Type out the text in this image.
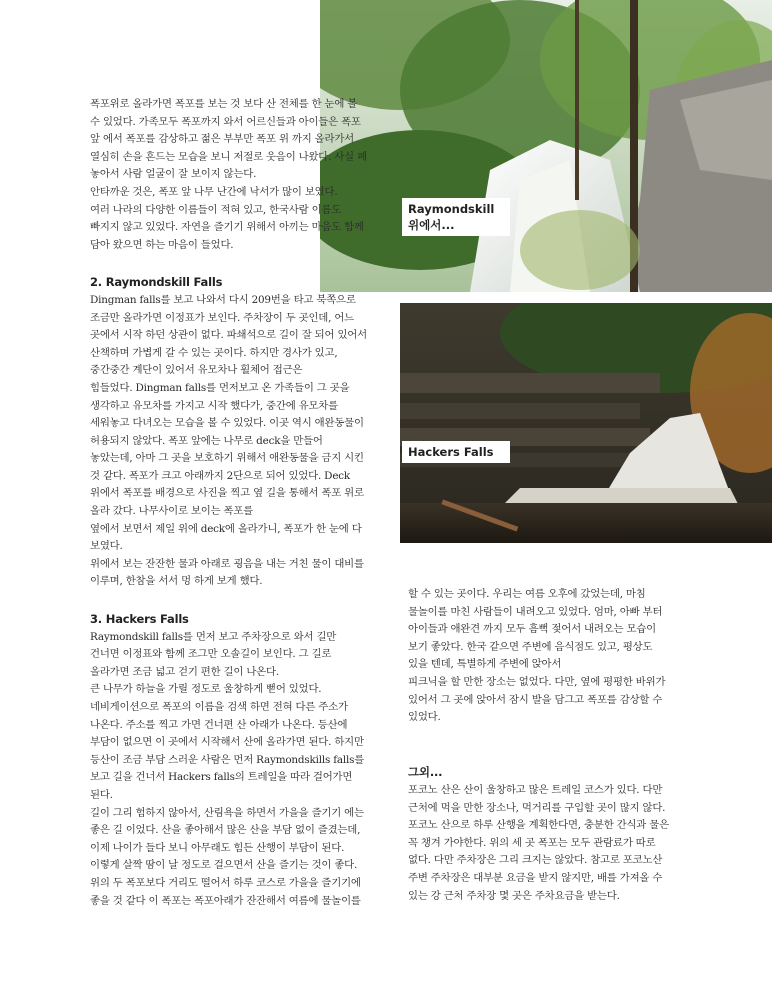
Raymondskill
위에서...
Hackers Falls

폭포위로 올라가면 폭포를 보는 것 보다 산 전체를 한 눈에 볼

수 있었다. 가족모두 폭포까지 와서 어르신들과 아이들은 폭포

앞 에서 폭포를 감상하고 젊은 부부만 폭포 위 까지 올라가서

열심히 손을 흔드는 모습을 보니 저절로 웃음이 나왔다. 사실 폐

놓아서 사람 얼굴이 잘 보이지 않는다.

안타까운 것은, 폭포 앞 나무 난간에 낙서가 많이 보였다.

여러 나라의 다양한 이름들이 적혀 있고, 한국사람 이름도

빠지지 않고 있었다. 자연을 즐기기 위해서 아끼는 마음도 함께

담아 왔으면 하는 마음이 들었다.

2. Raymondskill Falls

Dingman falls를 보고 나와서 다시 209번을 타고 북쪽으로

조금만 올라가면 이정표가 보인다. 주차장이 두 곳인데, 어느

곳에서 시작 하던 상관이 없다. 파쇄석으로 길이 잘 되어 있어서

산책하며 가볍게 갈 수 있는 곳이다. 하지만 경사가 있고,

중간중간 계단이 있어서 유모차나 휠체어 접근은

힘들었다. Dingman falls를 먼저보고 온 가족들이 그 곳을

생각하고 유모차를 가지고 시작 했다가, 중간에 유모차를

세워놓고 다녀오는 모습을 볼 수 있었다. 이곳 역시 애완동물이

허용되지 않았다. 폭포 앞에는 나무로 deck을 만들어

놓았는데, 아마 그 곳을 보호하기 위해서 애완동물을 금지 시킨

것 같다. 폭포가 크고 아래까지 2단으로 되어 있었다. Deck

위에서 폭포를 배경으로 사진을 찍고 옆 길을 통해서 폭포 위로

올라 갔다. 나무사이로 보이는 폭포를

옆에서 보면서 제일 위에 deck에 올라가니, 폭포가 한 눈에 다

보였다.

위에서 보는 잔잔한 물과 아래로 굉음을 내는 거친 물이 대비를

이루며, 한참을 서서 멍 하게 보게 했다.

3. Hackers Falls

Raymondskill falls를 먼저 보고 주차장으로 와서 길만

건너면 이정표와 함께 조그만 오솔길이 보인다. 그 길로

올라가면 조금 넓고 걷기 편한 길이 나온다.

큰 나무가 하늘을 가릴 정도로 울창하게 뻗어 있었다.

네비게이션으로 폭포의 이름을 검색 하면 전혀 다른 주소가

나온다. 주소를 찍고 가면 건너편 산 아래가 나온다. 등산에

부담이 없으면 이 곳에서 시작해서 산에 올라가면 된다. 하지만

등산이 조금 부담 스러운 사람은 먼저 Raymondskills falls를

보고 길을 건너서 Hackers falls의 트레일을 따라 걸어가면

된다.

길이 그리 험하지 않아서, 산림욕을 하면서 가을을 즐기기 에는

좋은 길 이었다. 산을 좋아해서 많은 산을 부담 없이 즐겼는데,

이제 나이가 들다 보니 아무래도 힘든 산행이 부담이 된다.

이렇게 살짝 땀이 날 정도로 걸으면서 산을 즐기는 것이 좋다.

위의 두 폭포보다 거리도 떨어서 하루 코스로 가을을 즐기기에

좋을 것 같다 이 폭포는 폭포아래가 잔잔해서 여름에 물놀이를

할 수 있는 곳이다. 우리는 여름 오후에 갔었는데, 마침

물놀이를 마친 사람들이 내려오고 있었다. 엄마, 아빠 부터

아이들과 애완견 까지 모두 흠뻑 젖어서 내려오는 모습이

보기 좋았다. 한국 같으면 주변에 음식점도 있고, 평상도

있을 텐데, 특별하게 주변에 앉아서

피크닉을 할 만한 장소는 없었다. 다만, 옆에 평평한 바위가

있어서 그 곳에 앉아서 잠시 발을 담그고 폭포를 감상할 수

있었다.

그외...

포코노 산은 산이 울창하고 많은 트레일 코스가 있다. 다만

근처에 먹을 만한 장소나, 먹거리를 구입할 곳이 많지 않다.

포코노 산으로 하루 산행을 계획한다면, 충분한 간식과 물은

꼭 챙겨 가야한다. 위의 세 곳 폭포는 모두 관람료가 따로

없다. 다만 주차장은 그리 크지는 않았다. 참고로 포코노산

주변 주차장은 대부분 요금을 받지 않지만, 배를 가져올 수

있는 강 근처 주차장 몇 곳은 주차요금을 받는다.
